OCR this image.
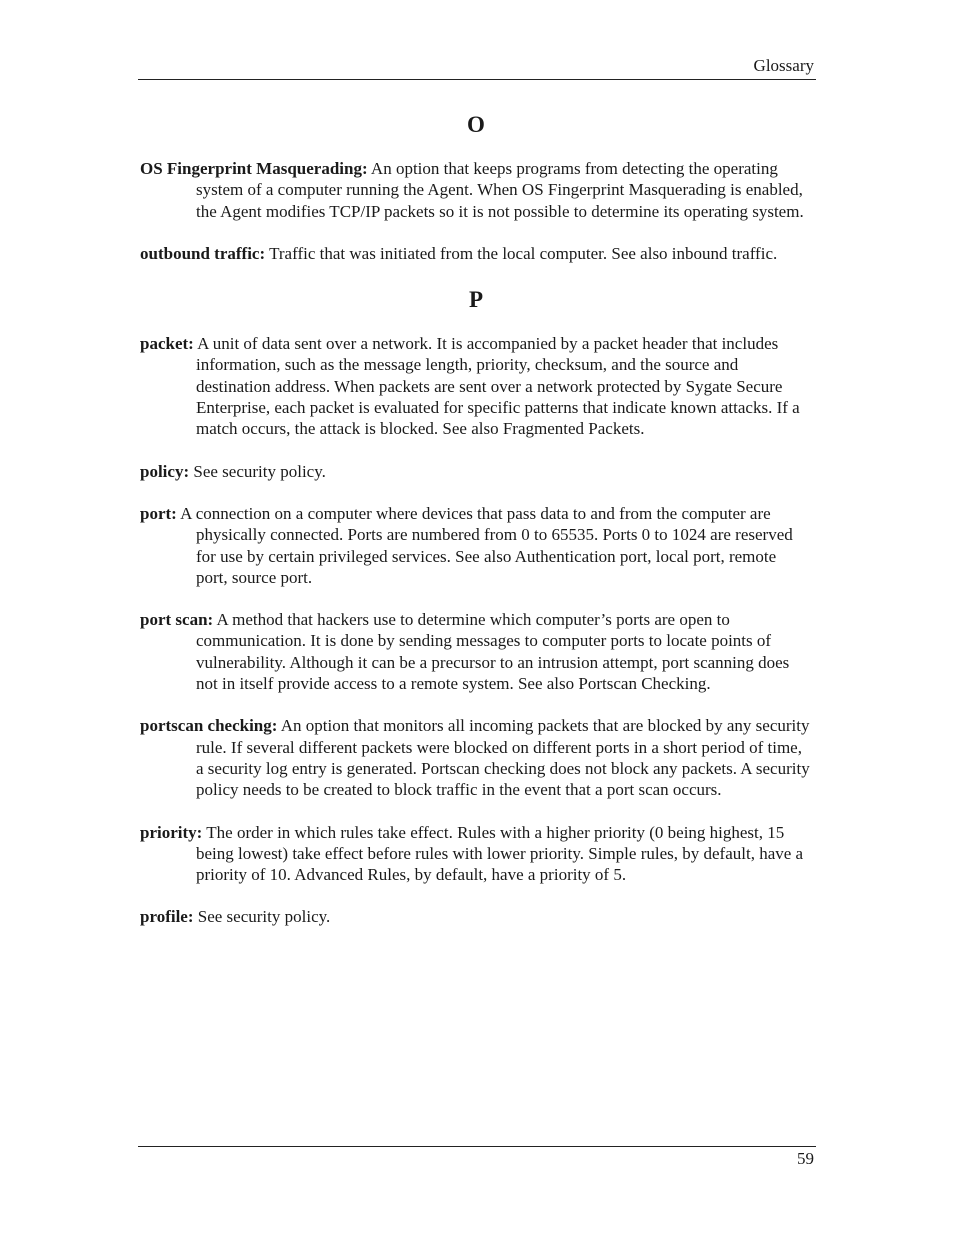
Glossary
O

OS Fingerprint Masquerading: An option that keeps programs from detecting the operating system of a computer running the Agent. When OS Fingerprint Masquerading is enabled, the Agent modifies TCP/IP packets so it is not possible to determine its operating system.

outbound traffic: Traffic that was initiated from the local computer. See also inbound traffic.

P

packet: A unit of data sent over a network. It is accompanied by a packet header that includes information, such as the message length, priority, checksum, and the source and destination address. When packets are sent over a network protected by Sygate Secure Enterprise, each packet is evaluated for specific patterns that indicate known attacks. If a match occurs, the attack is blocked. See also Fragmented Packets.

policy: See security policy.

port: A connection on a computer where devices that pass data to and from the computer are physically connected. Ports are numbered from 0 to 65535. Ports 0 to 1024 are reserved for use by certain privileged services. See also Authentication port, local port, remote port, source port.

port scan: A method that hackers use to determine which computer’s ports are open to communication. It is done by sending messages to computer ports to locate points of vulnerability. Although it can be a precursor to an intrusion attempt, port scanning does not in itself provide access to a remote system. See also Portscan Checking.

portscan checking: An option that monitors all incoming packets that are blocked by any security rule. If several different packets were blocked on different ports in a short period of time, a security log entry is generated. Portscan checking does not block any packets. A security policy needs to be created to block traffic in the event that a port scan occurs.

priority: The order in which rules take effect. Rules with a higher priority (0 being highest, 15 being lowest) take effect before rules with lower priority. Simple rules, by default, have a priority of 10. Advanced Rules, by default, have a priority of 5.

profile: See security policy.

59
